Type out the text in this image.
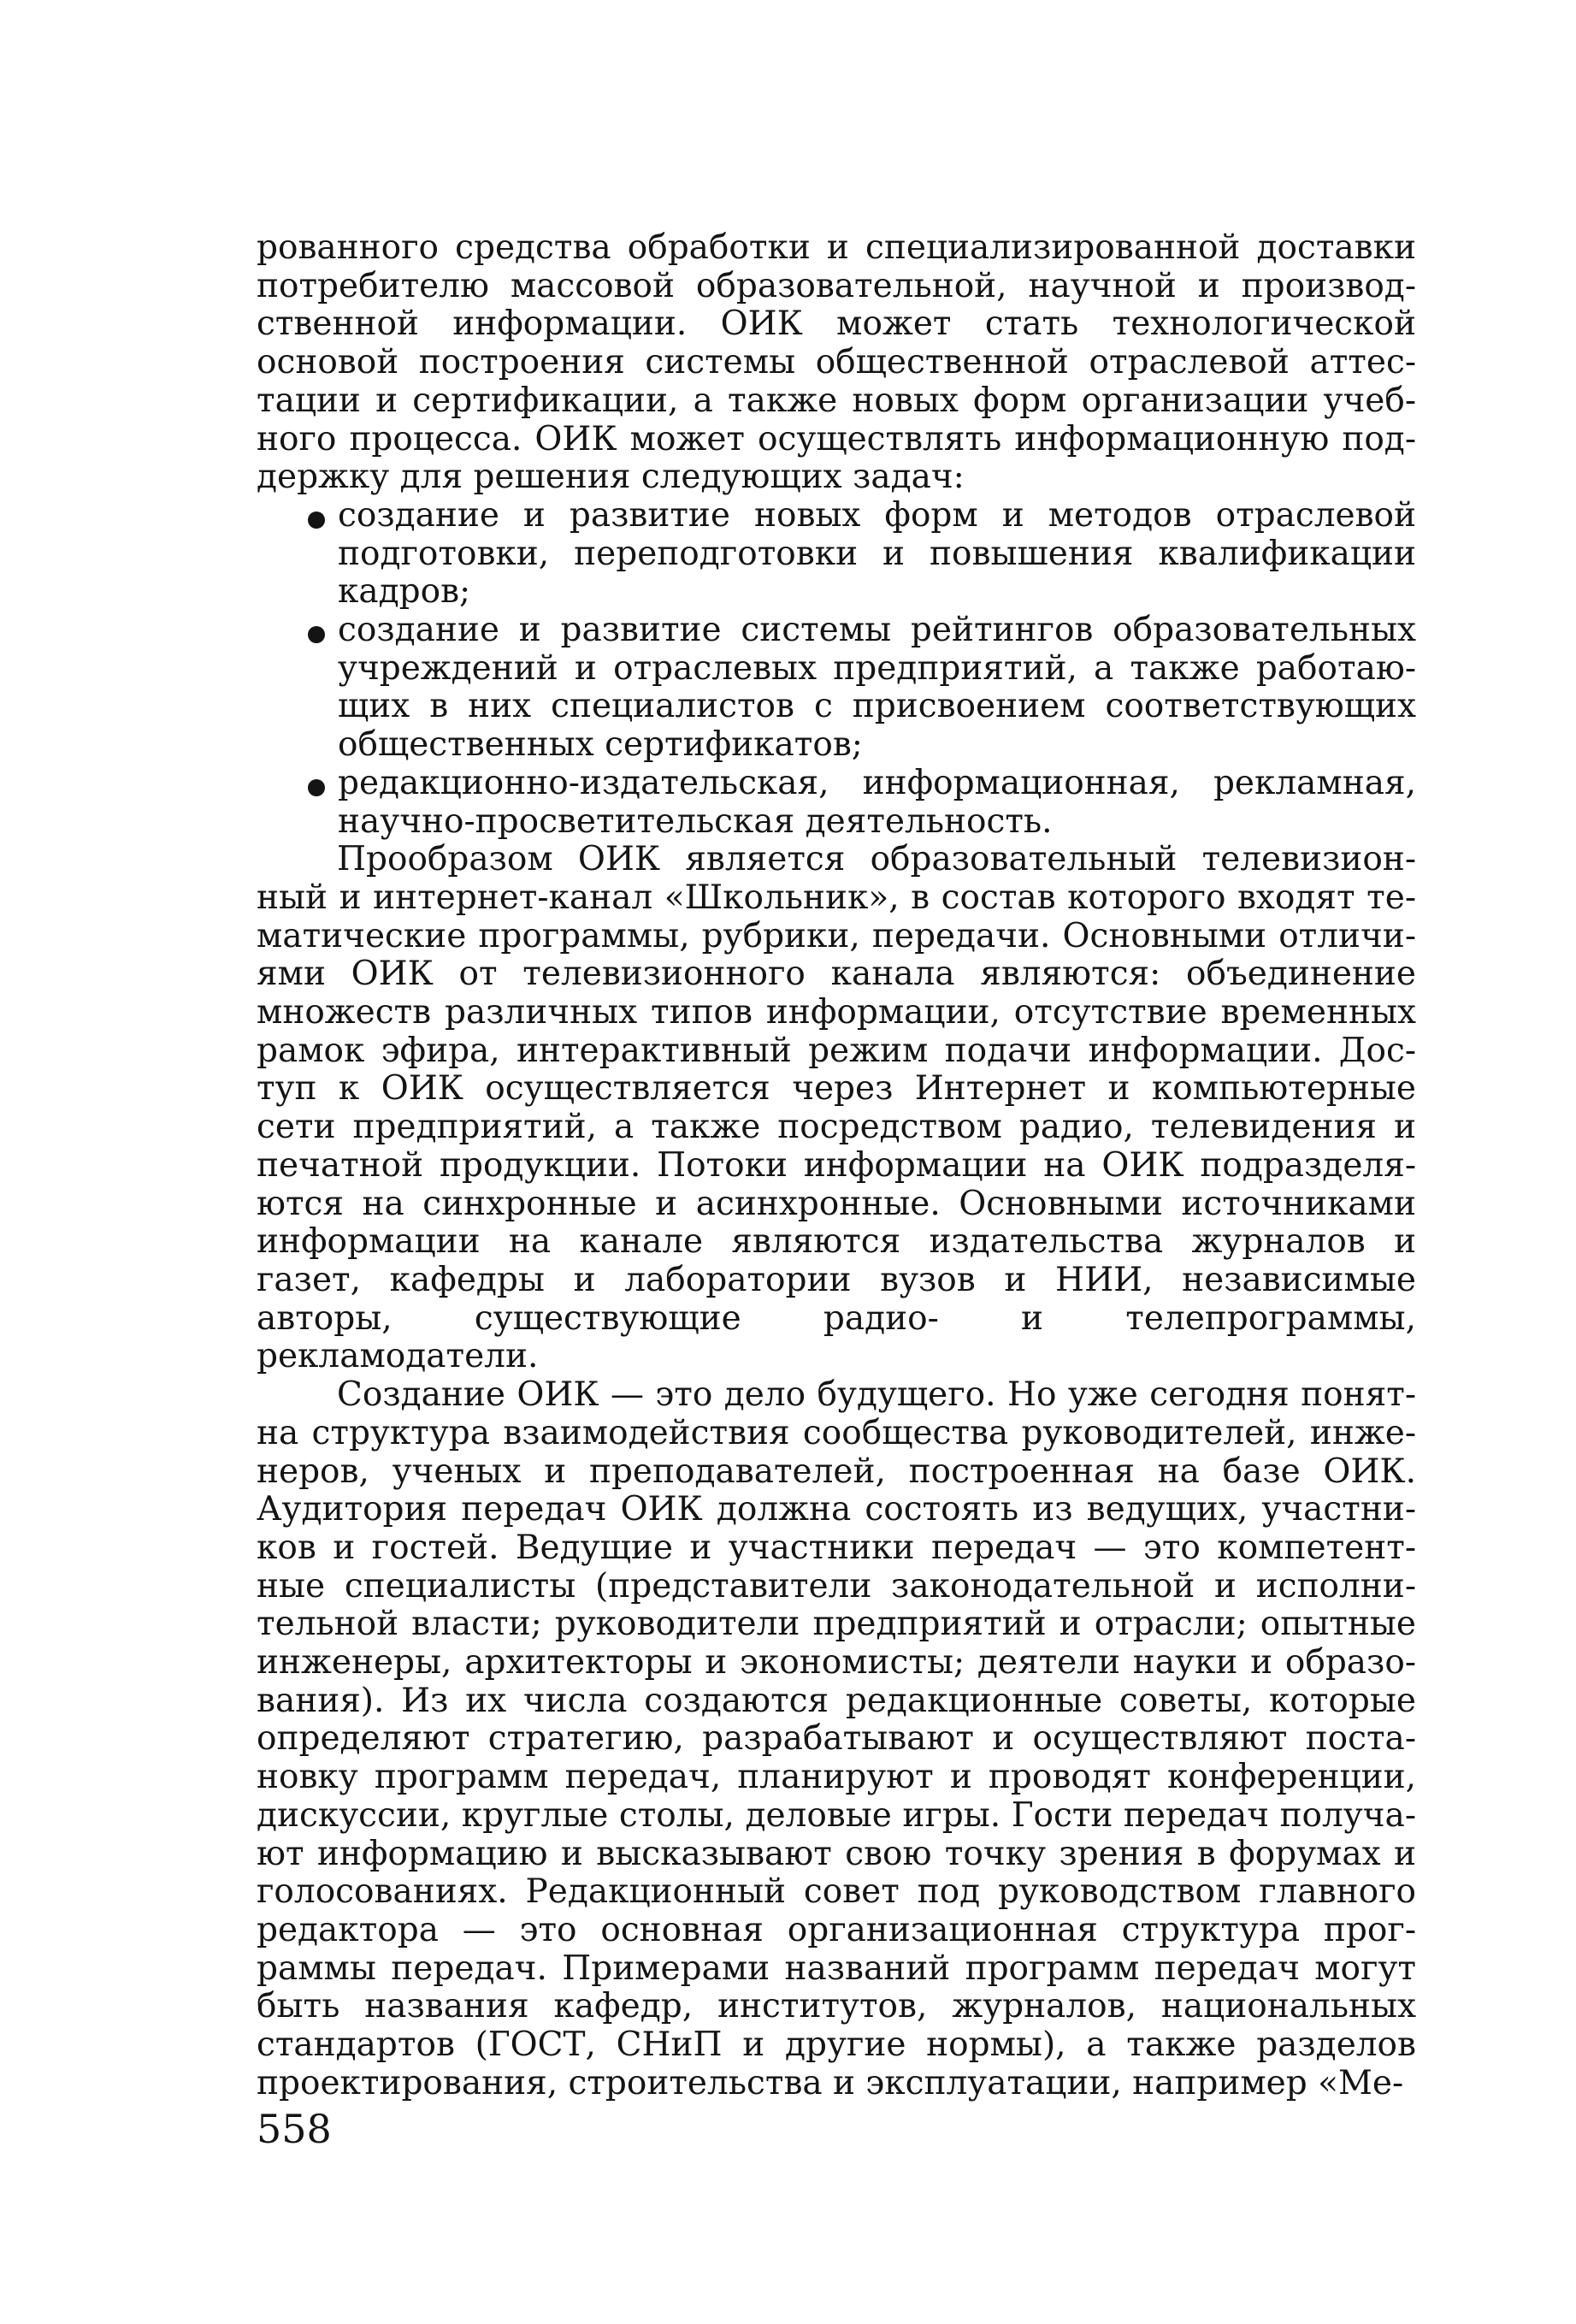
рованного средства обработки и специализированной доставки потребителю массовой образовательной, научной и производственной информации. ОИК может стать технологической основой построения системы общественной отраслевой аттестации и сертификации, а также новых форм организации учебного процесса. ОИК может осуществлять информационную поддержку для решения следующих задач:

создание и развитие новых форм и методов отраслевой подготовки, переподготовки и повышения квалификации кадров;
создание и развитие системы рейтингов образовательных учреждений и отраслевых предприятий, а также работающих в них специалистов с присвоением соответствующих общественных сертификатов;
редакционно-издательская, информационная, рекламная, научно-просветительская деятельность.

Прообразом ОИК является образовательный телевизионный и интернет-канал «Школьник», в состав которого входят тематические программы, рубрики, передачи. Основными отличиями ОИК от телевизионного канала являются: объединение множеств различных типов информации, отсутствие временных рамок эфира, интерактивный режим подачи информации. Доступ к ОИК осуществляется через Интернет и компьютерные сети предприятий, а также посредством радио, телевидения и печатной продукции. Потоки информации на ОИК подразделяются на синхронные и асинхронные. Основными источниками информации на канале являются издательства журналов и газет, кафедры и лаборатории вузов и НИИ, независимые авторы, существующие радио- и телепрограммы, рекламодатели.

Создание ОИК — это дело будущего. Но уже сегодня понятна структура взаимодействия сообщества руководителей, инженеров, ученых и преподавателей, построенная на базе ОИК. Аудитория передач ОИК должна состоять из ведущих, участников и гостей. Ведущие и участники передач — это компетентные специалисты (представители законодательной и исполнительной власти; руководители предприятий и отрасли; опытные инженеры, архитекторы и экономисты; деятели науки и образования). Из их числа создаются редакционные советы, которые определяют стратегию, разрабатывают и осуществляют постановку программ передач, планируют и проводят конференции, дискуссии, круглые столы, деловые игры. Гости передач получают информацию и высказывают свою точку зрения в форумах и голосованиях. Редакционный совет под руководством главного редактора — это основная организационная структура программы передач. Примерами названий программ передач могут быть названия кафедр, институтов, журналов, национальных стандартов (ГОСТ, СНиП и другие нормы), а также разделов проектирования, строительства и эксплуатации, например «Ме-

558
